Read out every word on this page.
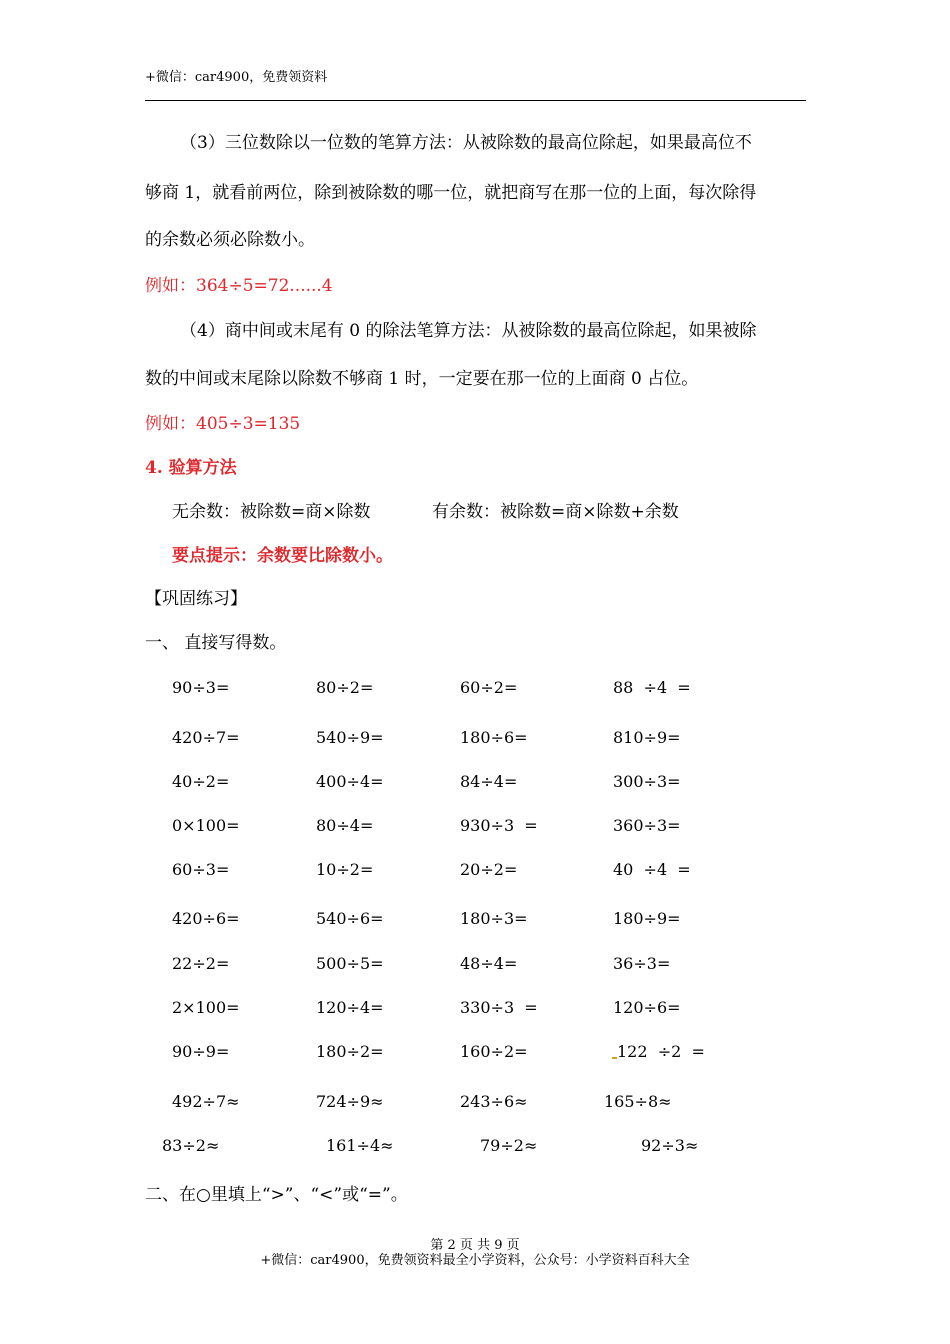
+微信：car4900，免费领资料
（3）三位数除以一位数的笔算方法：从被除数的最高位除起，如果最高位不
够商 1，就看前两位，除到被除数的哪一位，就把商写在那一位的上面，每次除得
的余数必须必除数小。
例如：364÷5=72......4
（4）商中间或末尾有 0 的除法笔算方法：从被除数的最高位除起，如果被除
数的中间或末尾除以除数不够商 1 时，一定要在那一位的上面商 0 占位。
例如：405÷3=135
4. 验算方法
无余数：被除数=商×除数	有余数：被除数=商×除数+余数
要点提示：余数要比除数小。
【巩固练习】
一、 直接写得数。
90÷3=	80÷2=	60÷2=	88  ÷4  =
420÷7=	540÷9=	180÷6=	810÷9=
40÷2=	400÷4=	84÷4=	300÷3=
0×100=	80÷4=	930÷3  =	360÷3=
60÷3=	10÷2=	20÷2=	40  ÷4  =
420÷6=	540÷6=	180÷3=	180÷9=
22÷2=	500÷5=	48÷4=	36÷3=
2×100=	120÷4=	330÷3  =	120÷6=
90÷9=	180÷2=	160÷2=	122  ÷2  =
492÷7≈	724÷9≈	243÷6≈	165÷8≈
83÷2≈	161÷4≈	79÷2≈	92÷3≈
二、在○里填上“>”、“<”或“=”。
第 2 页 共 9 页
+微信：car4900，免费领资料最全小学资料，公众号：小学资料百科大全
